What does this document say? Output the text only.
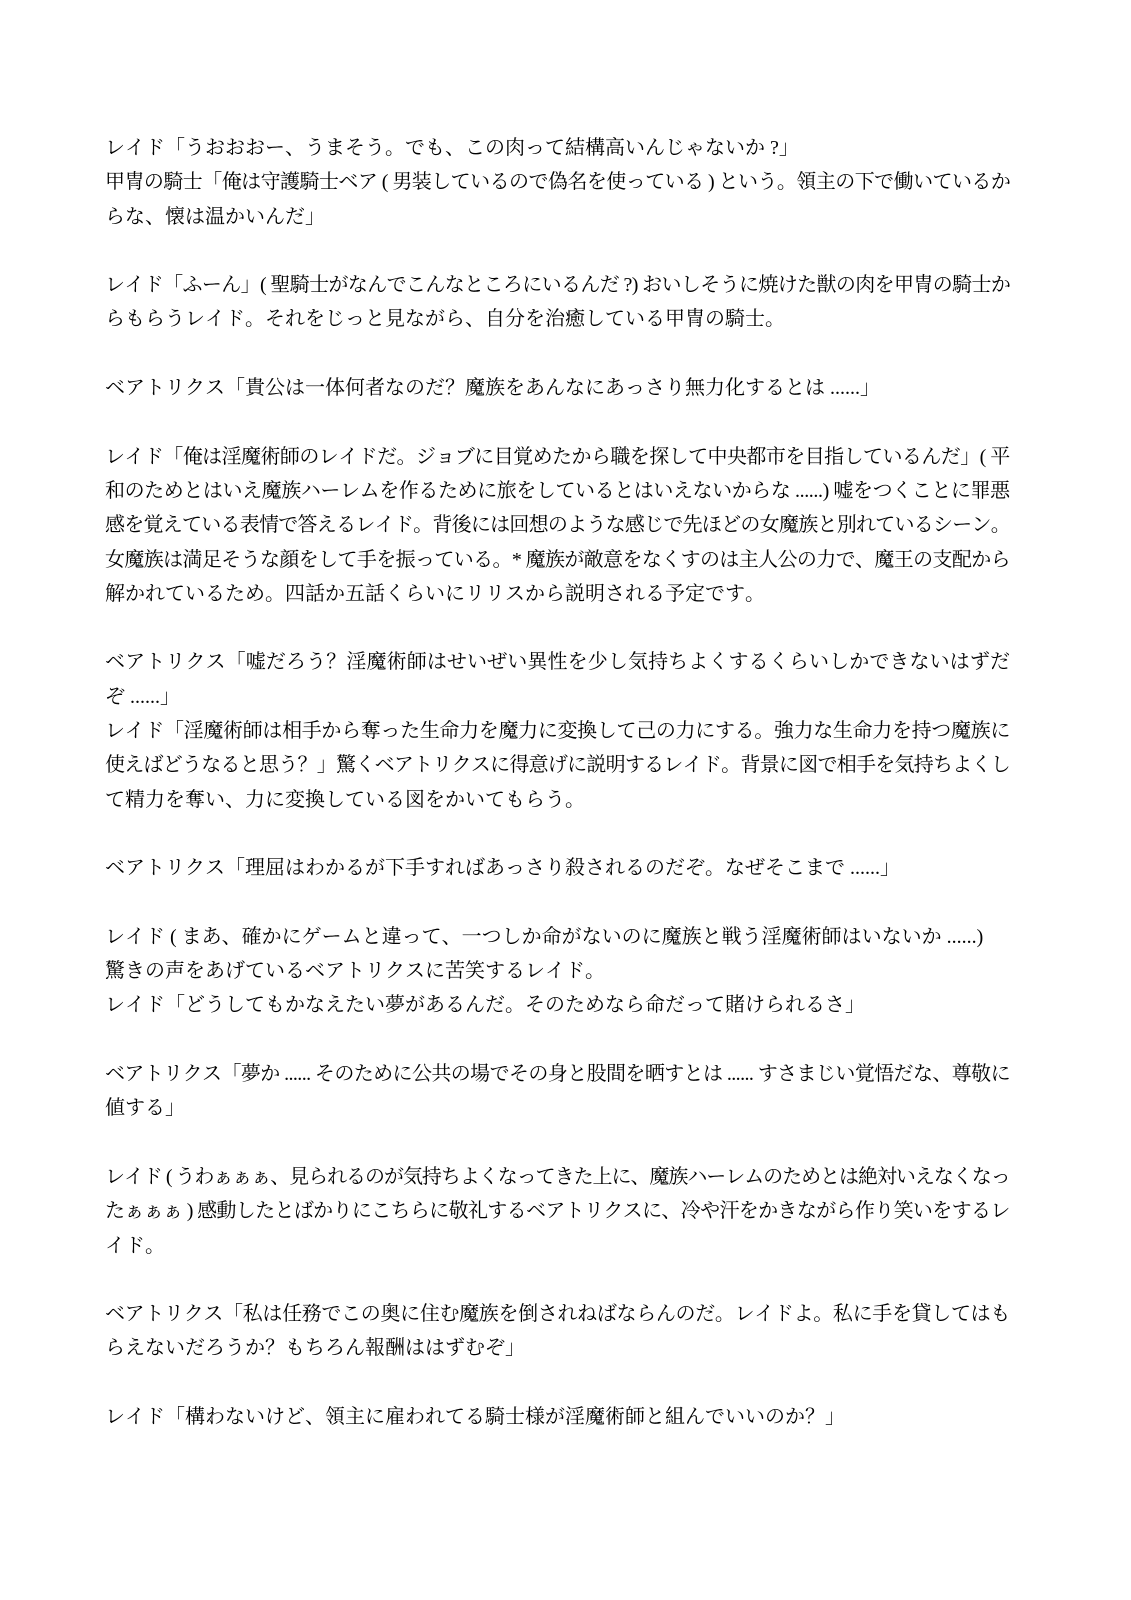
レイド「うおおおー、うまそう。でも、この肉って結構高いんじゃないか ?」
甲冑の騎士「俺は守護騎士ベア ( 男装しているので偽名を使っている ) という。領主の下で働いているか
らな、懐は温かいんだ」
レイド「ふーん」( 聖騎士がなんでこんなところにいるんだ ?) おいしそうに焼けた獣の肉を甲冑の騎士か
らもらうレイド。それをじっと見ながら、自分を治癒している甲冑の騎士。
ベアトリクス「貴公は一体何者なのだ？魔族をあんなにあっさり無力化するとは ......」
レイド「俺は淫魔術師のレイドだ。ジョブに目覚めたから職を探して中央都市を目指しているんだ」( 平
和のためとはいえ魔族ハーレムを作るために旅をしているとはいえないからな ......) 嘘をつくことに罪悪
感を覚えている表情で答えるレイド。背後には回想のような感じで先ほどの女魔族と別れているシーン。
女魔族は満足そうな顔をして手を振っている。* 魔族が敵意をなくすのは主人公の力で、魔王の支配から
解かれているため。四話か五話くらいにリリスから説明される予定です。
ベアトリクス「嘘だろう？淫魔術師はせいぜい異性を少し気持ちよくするくらいしかできないはずだ
ぞ ......」
レイド「淫魔術師は相手から奪った生命力を魔力に変換して己の力にする。強力な生命力を持つ魔族に
使えばどうなると思う？」驚くベアトリクスに得意げに説明するレイド。背景に図で相手を気持ちよくし
て精力を奪い、力に変換している図をかいてもらう。
ベアトリクス「理屈はわかるが下手すればあっさり殺されるのだぞ。なぜそこまで ......」
レイド ( まあ、確かにゲームと違って、一つしか命がないのに魔族と戦う淫魔術師はいないか ......)
驚きの声をあげているベアトリクスに苦笑するレイド。
レイド「どうしてもかなえたい夢があるんだ。そのためなら命だって賭けられるさ」
ベアトリクス「夢か ...... そのために公共の場でその身と股間を晒すとは ...... すさまじい覚悟だな、尊敬に
値する」
レイド ( うわぁぁぁ、見られるのが気持ちよくなってきた上に、魔族ハーレムのためとは絶対いえなくなっ
たぁぁぁ ) 感動したとばかりにこちらに敬礼するベアトリクスに、冷や汗をかきながら作り笑いをするレ
イド。
ベアトリクス「私は任務でこの奥に住む魔族を倒されねばならんのだ。レイドよ。私に手を貸してはも
らえないだろうか？もちろん報酬ははずむぞ」
レイド「構わないけど、領主に雇われてる騎士様が淫魔術師と組んでいいのか？」
